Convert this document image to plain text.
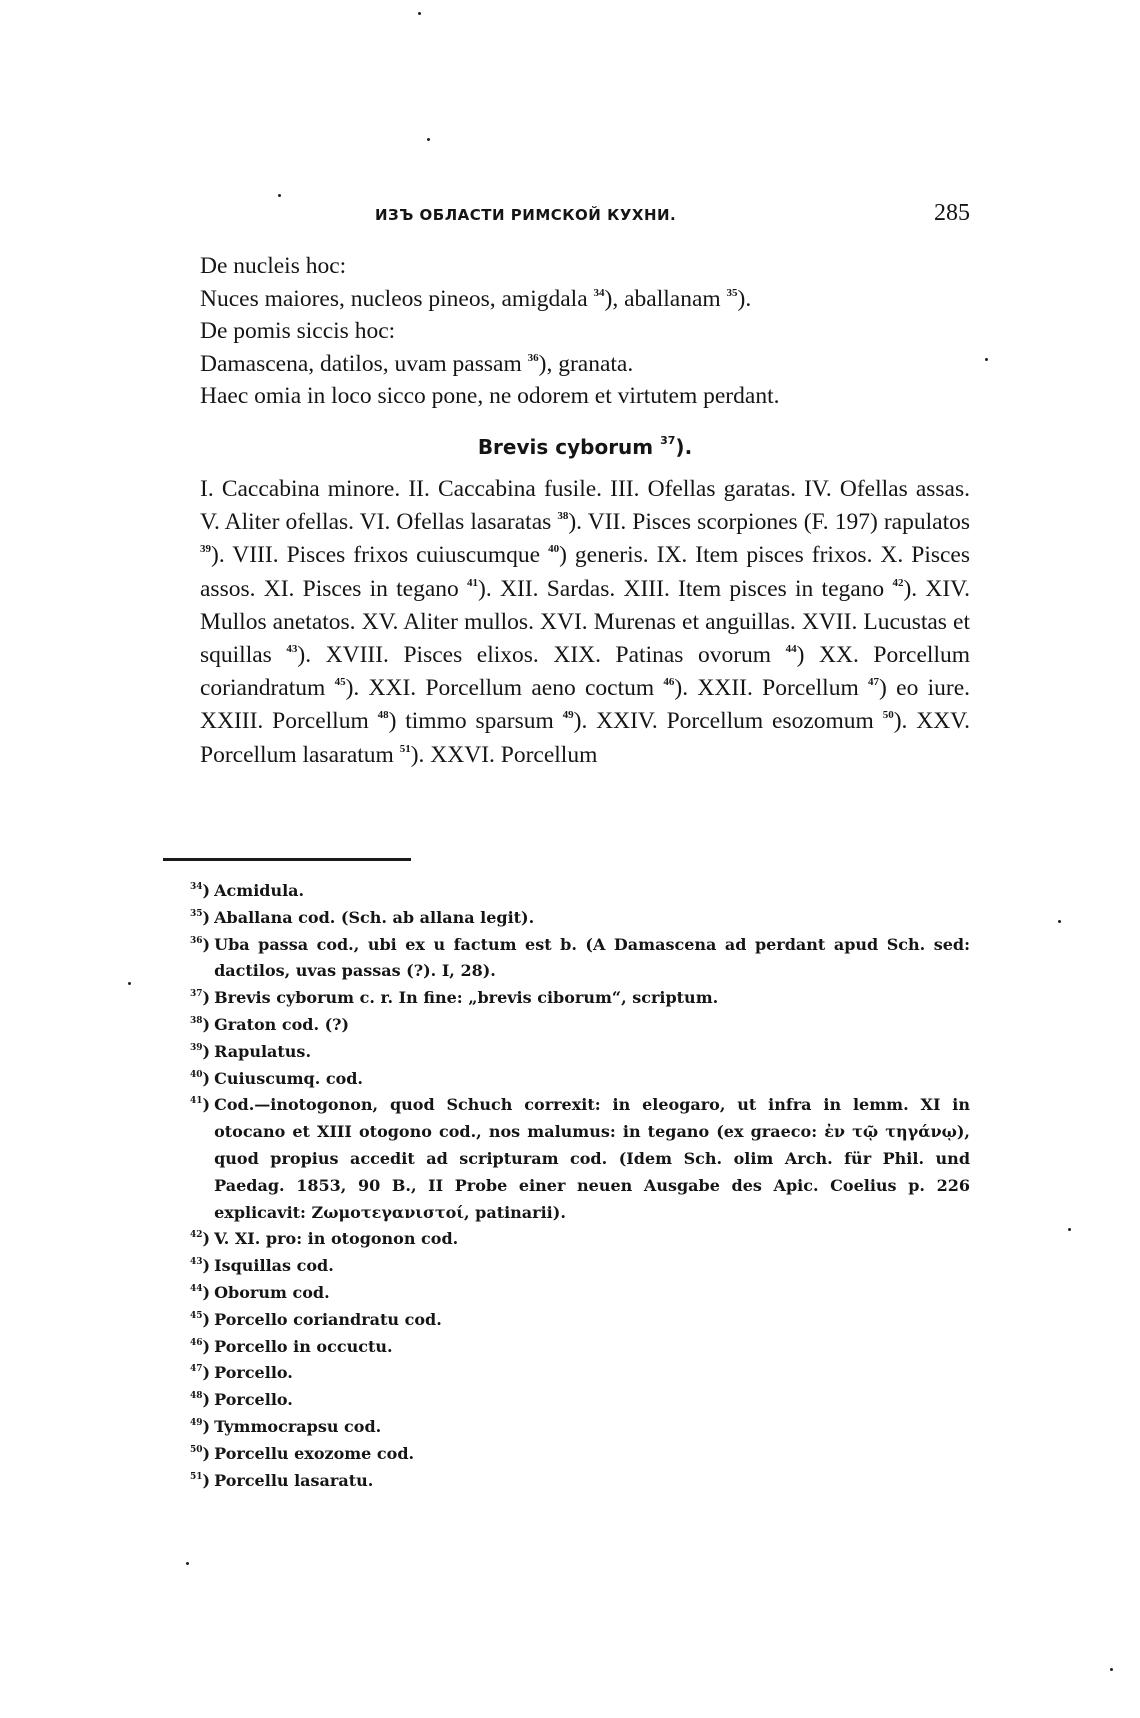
ИЗЪ ОБЛАСТИ РИМСКОЙ КУХНИ.	285
De nucleis hoc:
Nuces maiores, nucleos pineos, amigdala $^{34}$), aballanam $^{35}$).
De pomis siccis hoc:
Damascena, datilos, uvam passam $^{36}$), granata.
Haec omia in loco sicco pone, ne odorem et virtutem perdant.
Brevis cyborum $^{37}$).
I. Caccabina minore. II. Caccabina fusile. III. Ofellas garatas. IV. Ofellas assas. V. Aliter ofellas. VI. Ofellas lasaratas $^{38}$). VII. Pisces scorpiones (F. 197) rapulatos $^{39}$). VIII. Pisces frixos cuiuscumque $^{40}$) generis. IX. Item pisces frixos. X. Pisces assos. XI. Pisces in tegano $^{41}$). XII. Sardas. XIII. Item pisces in tegano $^{42}$). XIV. Mullos anetatos. XV. Aliter mullos. XVI. Murenas et anguillas. XVII. Lucustas et squillas $^{43}$). XVIII. Pisces elixos. XIX. Patinas ovorum $^{44}$) XX. Porcellum coriandratum $^{45}$). XXI. Porcellum aeno coctum $^{46}$). XXII. Porcellum $^{47}$) eo iure. XXIII. Porcellum $^{48}$) timmo sparsum $^{49}$). XXIV. Porcellum esozomum $^{50}$). XXV. Porcellum lasaratum $^{51}$). XXVI. Porcellum
$^{34}$) Acmidula.
$^{35}$) Aballana cod. (Sch. ab allana legit).
$^{36}$) Uba passa cod., ubi ex u factum est b. (A Damascena ad perdant apud Sch. sed: dactilos, uvas passas (?). I, 28).
$^{37}$) Brevis cyborum c. r. In fine: „brevis ciborum“, scriptum.
$^{38}$) Graton cod. (?)
$^{39}$) Rapulatus.
$^{40}$) Cuiuscumq. cod.
$^{41}$) Cod.—inotogonon, quod Schuch correxit: in eleogaro, ut infra in lemm. XI in otocano et XIII otogono cod., nos malumus: in tegano (ex graeco: ἐν τῷ τηγάνῳ), quod propius accedit ad scripturam cod. (Idem Sch. olim Arch. für Phil. und Paedag. 1853, 90 B., II Probe einer neuen Ausgabe des Apic. Coelius p. 226 explicavit: Ζωμοτεγανιστοί, patinarii).
$^{42}$) V. XI. pro: in otogonon cod.
$^{43}$) Isquillas cod.
$^{44}$) Oborum cod.
$^{45}$) Porcello coriandratu cod.
$^{46}$) Porcello in occuctu.
$^{47}$) Porcello.
$^{48}$) Porcello.
$^{49}$) Tymmocrapsu cod.
$^{50}$) Porcellu exozome cod.
$^{51}$) Porcellu lasaratu.
